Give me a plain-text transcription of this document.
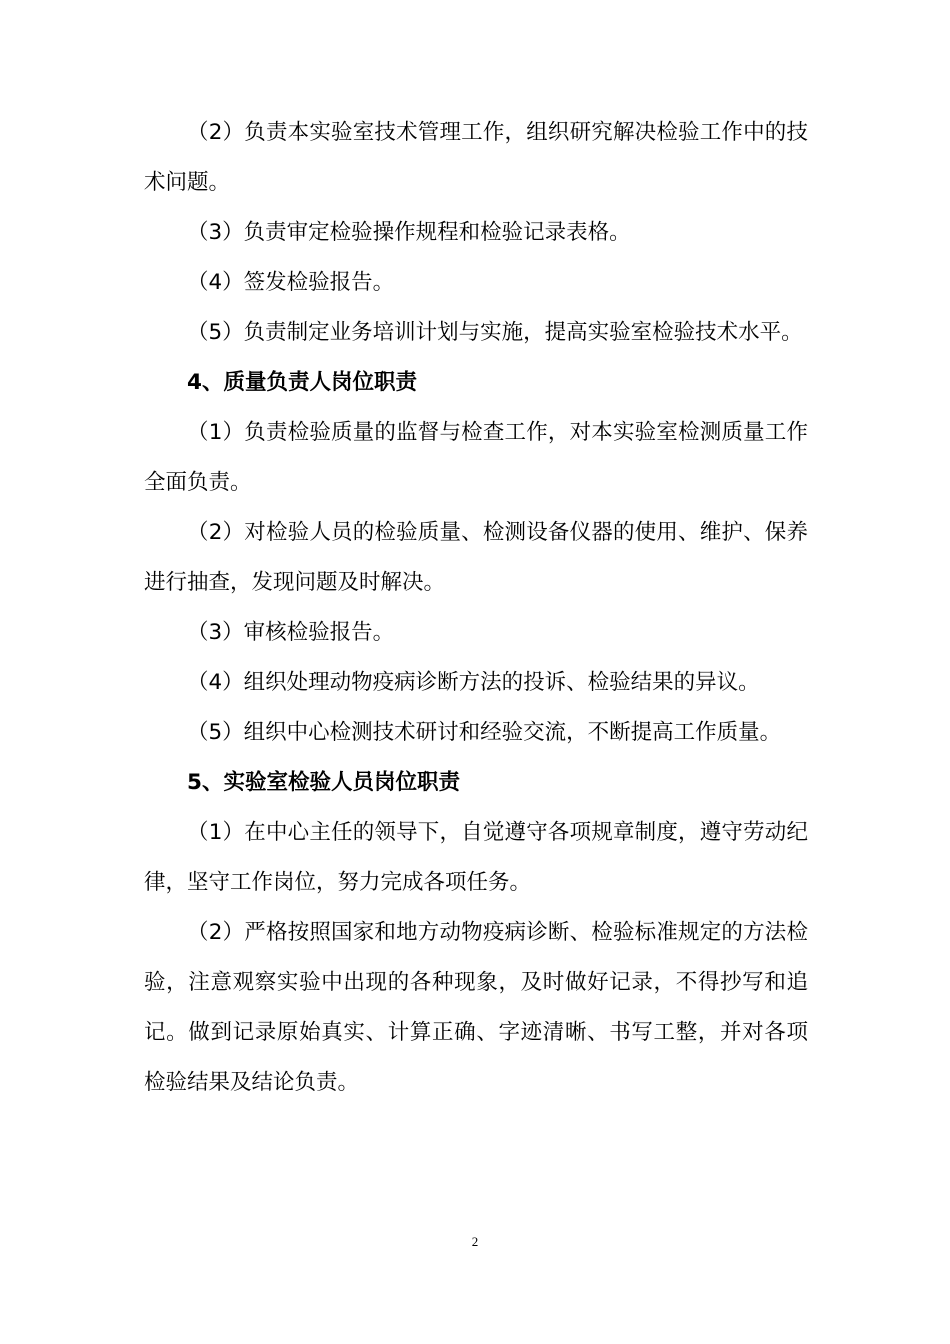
（2）负责本实验室技术管理工作，组织研究解决检验工作中的技术问题。

（3）负责审定检验操作规程和检验记录表格。

（4）签发检验报告。

（5）负责制定业务培训计划与实施，提高实验室检验技术水平。

4、质量负责人岗位职责

（1）负责检验质量的监督与检查工作，对本实验室检测质量工作全面负责。

（2）对检验人员的检验质量、检测设备仪器的使用、维护、保养进行抽查，发现问题及时解决。

（3）审核检验报告。

（4）组织处理动物疫病诊断方法的投诉、检验结果的异议。

（5）组织中心检测技术研讨和经验交流，不断提高工作质量。

5、实验室检验人员岗位职责

（1）在中心主任的领导下，自觉遵守各项规章制度，遵守劳动纪律，坚守工作岗位，努力完成各项任务。

（2）严格按照国家和地方动物疫病诊断、检验标准规定的方法检验，注意观察实验中出现的各种现象，及时做好记录，不得抄写和追记。做到记录原始真实、计算正确、字迹清晰、书写工整，并对各项检验结果及结论负责。

2
